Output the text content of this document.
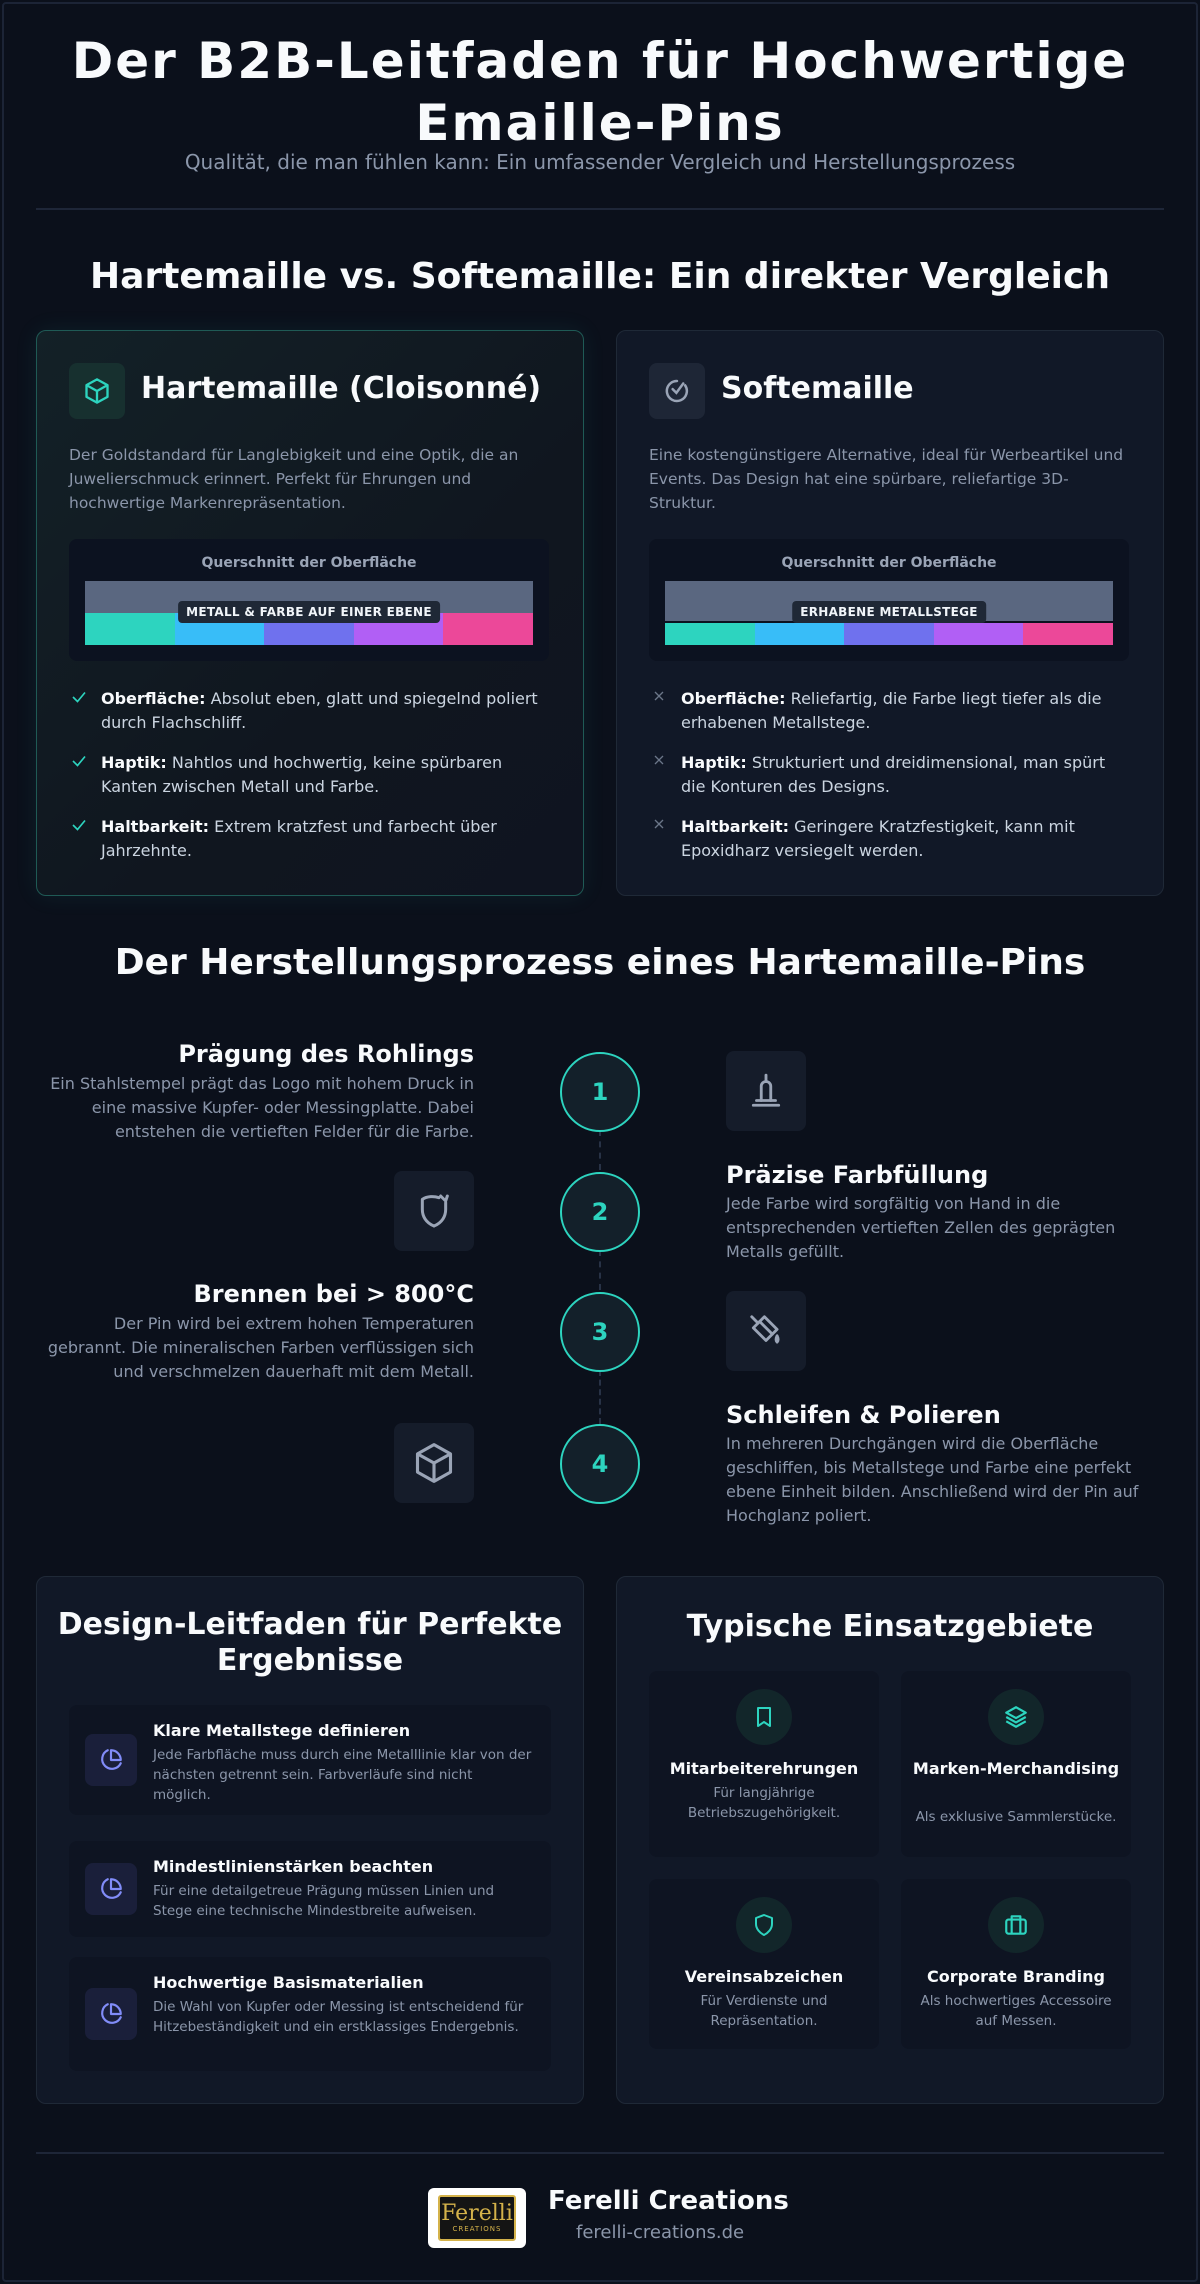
Der B2B-Leitfaden für Hochwertige Emaille-Pins
Qualität, die man fühlen kann: Ein umfassender Vergleich und Herstellungsprozess
Hartemaille vs. Softemaille: Ein direkter Vergleich
Hartemaille (Cloisonné)
Der Goldstandard für Langlebigkeit und eine Optik, die an Juwelierschmuck erinnert. Perfekt für Ehrungen und hochwertige Markenrepräsentation.
Querschnitt der Oberfläche
METALL & FARBE AUF EINER EBENE
Oberfläche: Absolut eben, glatt und spiegelnd poliert durch Flachschliff.
Haptik: Nahtlos und hochwertig, keine spürbaren Kanten zwischen Metall und Farbe.
Haltbarkeit: Extrem kratzfest und farbecht über Jahrzehnte.
Softemaille
Eine kostengünstigere Alternative, ideal für Werbeartikel und Events. Das Design hat eine spürbare, reliefartige 3D-Struktur.
Querschnitt der Oberfläche
ERHABENE METALLSTEGE
Oberfläche: Reliefartig, die Farbe liegt tiefer als die erhabenen Metallstege.
Haptik: Strukturiert und dreidimensional, man spürt die Konturen des Designs.
Haltbarkeit: Geringere Kratzfestigkeit, kann mit Epoxidharz versiegelt werden.
Der Herstellungsprozess eines Hartemaille-Pins
Prägung des Rohlings
Ein Stahlstempel prägt das Logo mit hohem Druck in eine massive Kupfer- oder Messingplatte. Dabei entstehen die vertieften Felder für die Farbe.
1
2
Präzise Farbfüllung
Jede Farbe wird sorgfältig von Hand in die entsprechenden vertieften Zellen des geprägten Metalls gefüllt.
Brennen bei > 800°C
Der Pin wird bei extrem hohen Temperaturen gebrannt. Die mineralischen Farben verflüssigen sich und verschmelzen dauerhaft mit dem Metall.
3
4
Schleifen & Polieren
In mehreren Durchgängen wird die Oberfläche geschliffen, bis Metallstege und Farbe eine perfekt ebene Einheit bilden. Anschließend wird der Pin auf Hochglanz poliert.
Design-Leitfaden für Perfekte Ergebnisse
Klare Metallstege definieren
Jede Farbfläche muss durch eine Metalllinie klar von der nächsten getrennt sein. Farbverläufe sind nicht möglich.
Mindestlinienstärken beachten
Für eine detailgetreue Prägung müssen Linien und Stege eine technische Mindestbreite aufweisen.
Hochwertige Basismaterialien
Die Wahl von Kupfer oder Messing ist entscheidend für Hitzebeständigkeit und ein erstklassiges Endergebnis.
Typische Einsatzgebiete
Mitarbeiterehrungen
Für langjährige Betriebszugehörigkeit.
Marken-Merchandising
Als exklusive Sammlerstücke.
Vereinsabzeichen
Für Verdienste und Repräsentation.
Corporate Branding
Als hochwertiges Accessoire auf Messen.
Ferelli
CREATIONS
Ferelli Creations
ferelli-creations.de
